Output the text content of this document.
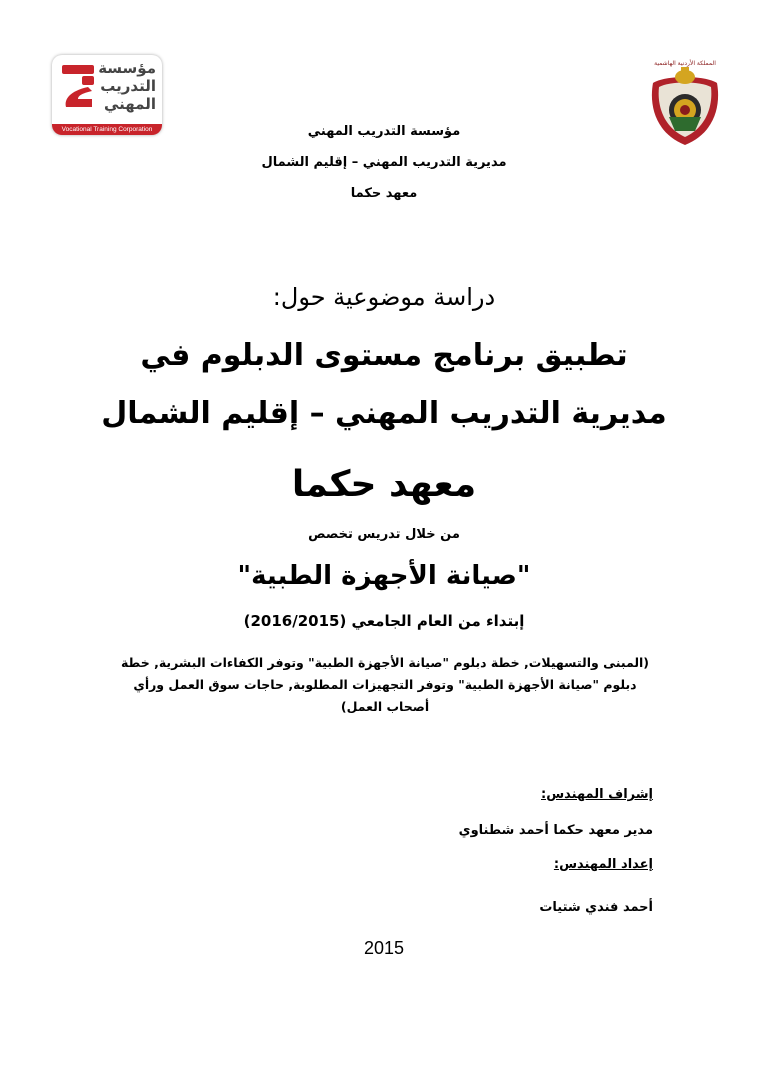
مؤسسة التدريب المهني
Vocational Training Corporation
المملكة الأردنية الهاشمية
مؤسسة التدريب المهني
مديرية التدريب المهني – إقليم الشمال
معهد حكما
دراسة موضوعية حول:
تطبيق برنامج مستوى الدبلوم في
مديرية التدريب المهني – إقليم الشمال
معهد حكما
من خلال تدريس تخصص
"صيانة الأجهزة الطبية"
إبتداء من العام الجامعي (2016/2015)
(المبنى والتسهيلات, خطة دبلوم "صيانة الأجهزة الطبية" وتوفر الكفاءات البشرية, خطة دبلوم "صيانة الأجهزة الطبية" وتوفر التجهيزات المطلوبة, حاجات سوق العمل ورأي أصحاب العمل)
إشراف المهندس:
مدير معهد حكما أحمد شطناوي
إعداد المهندس:
أحمد فندي شتيات
2015
